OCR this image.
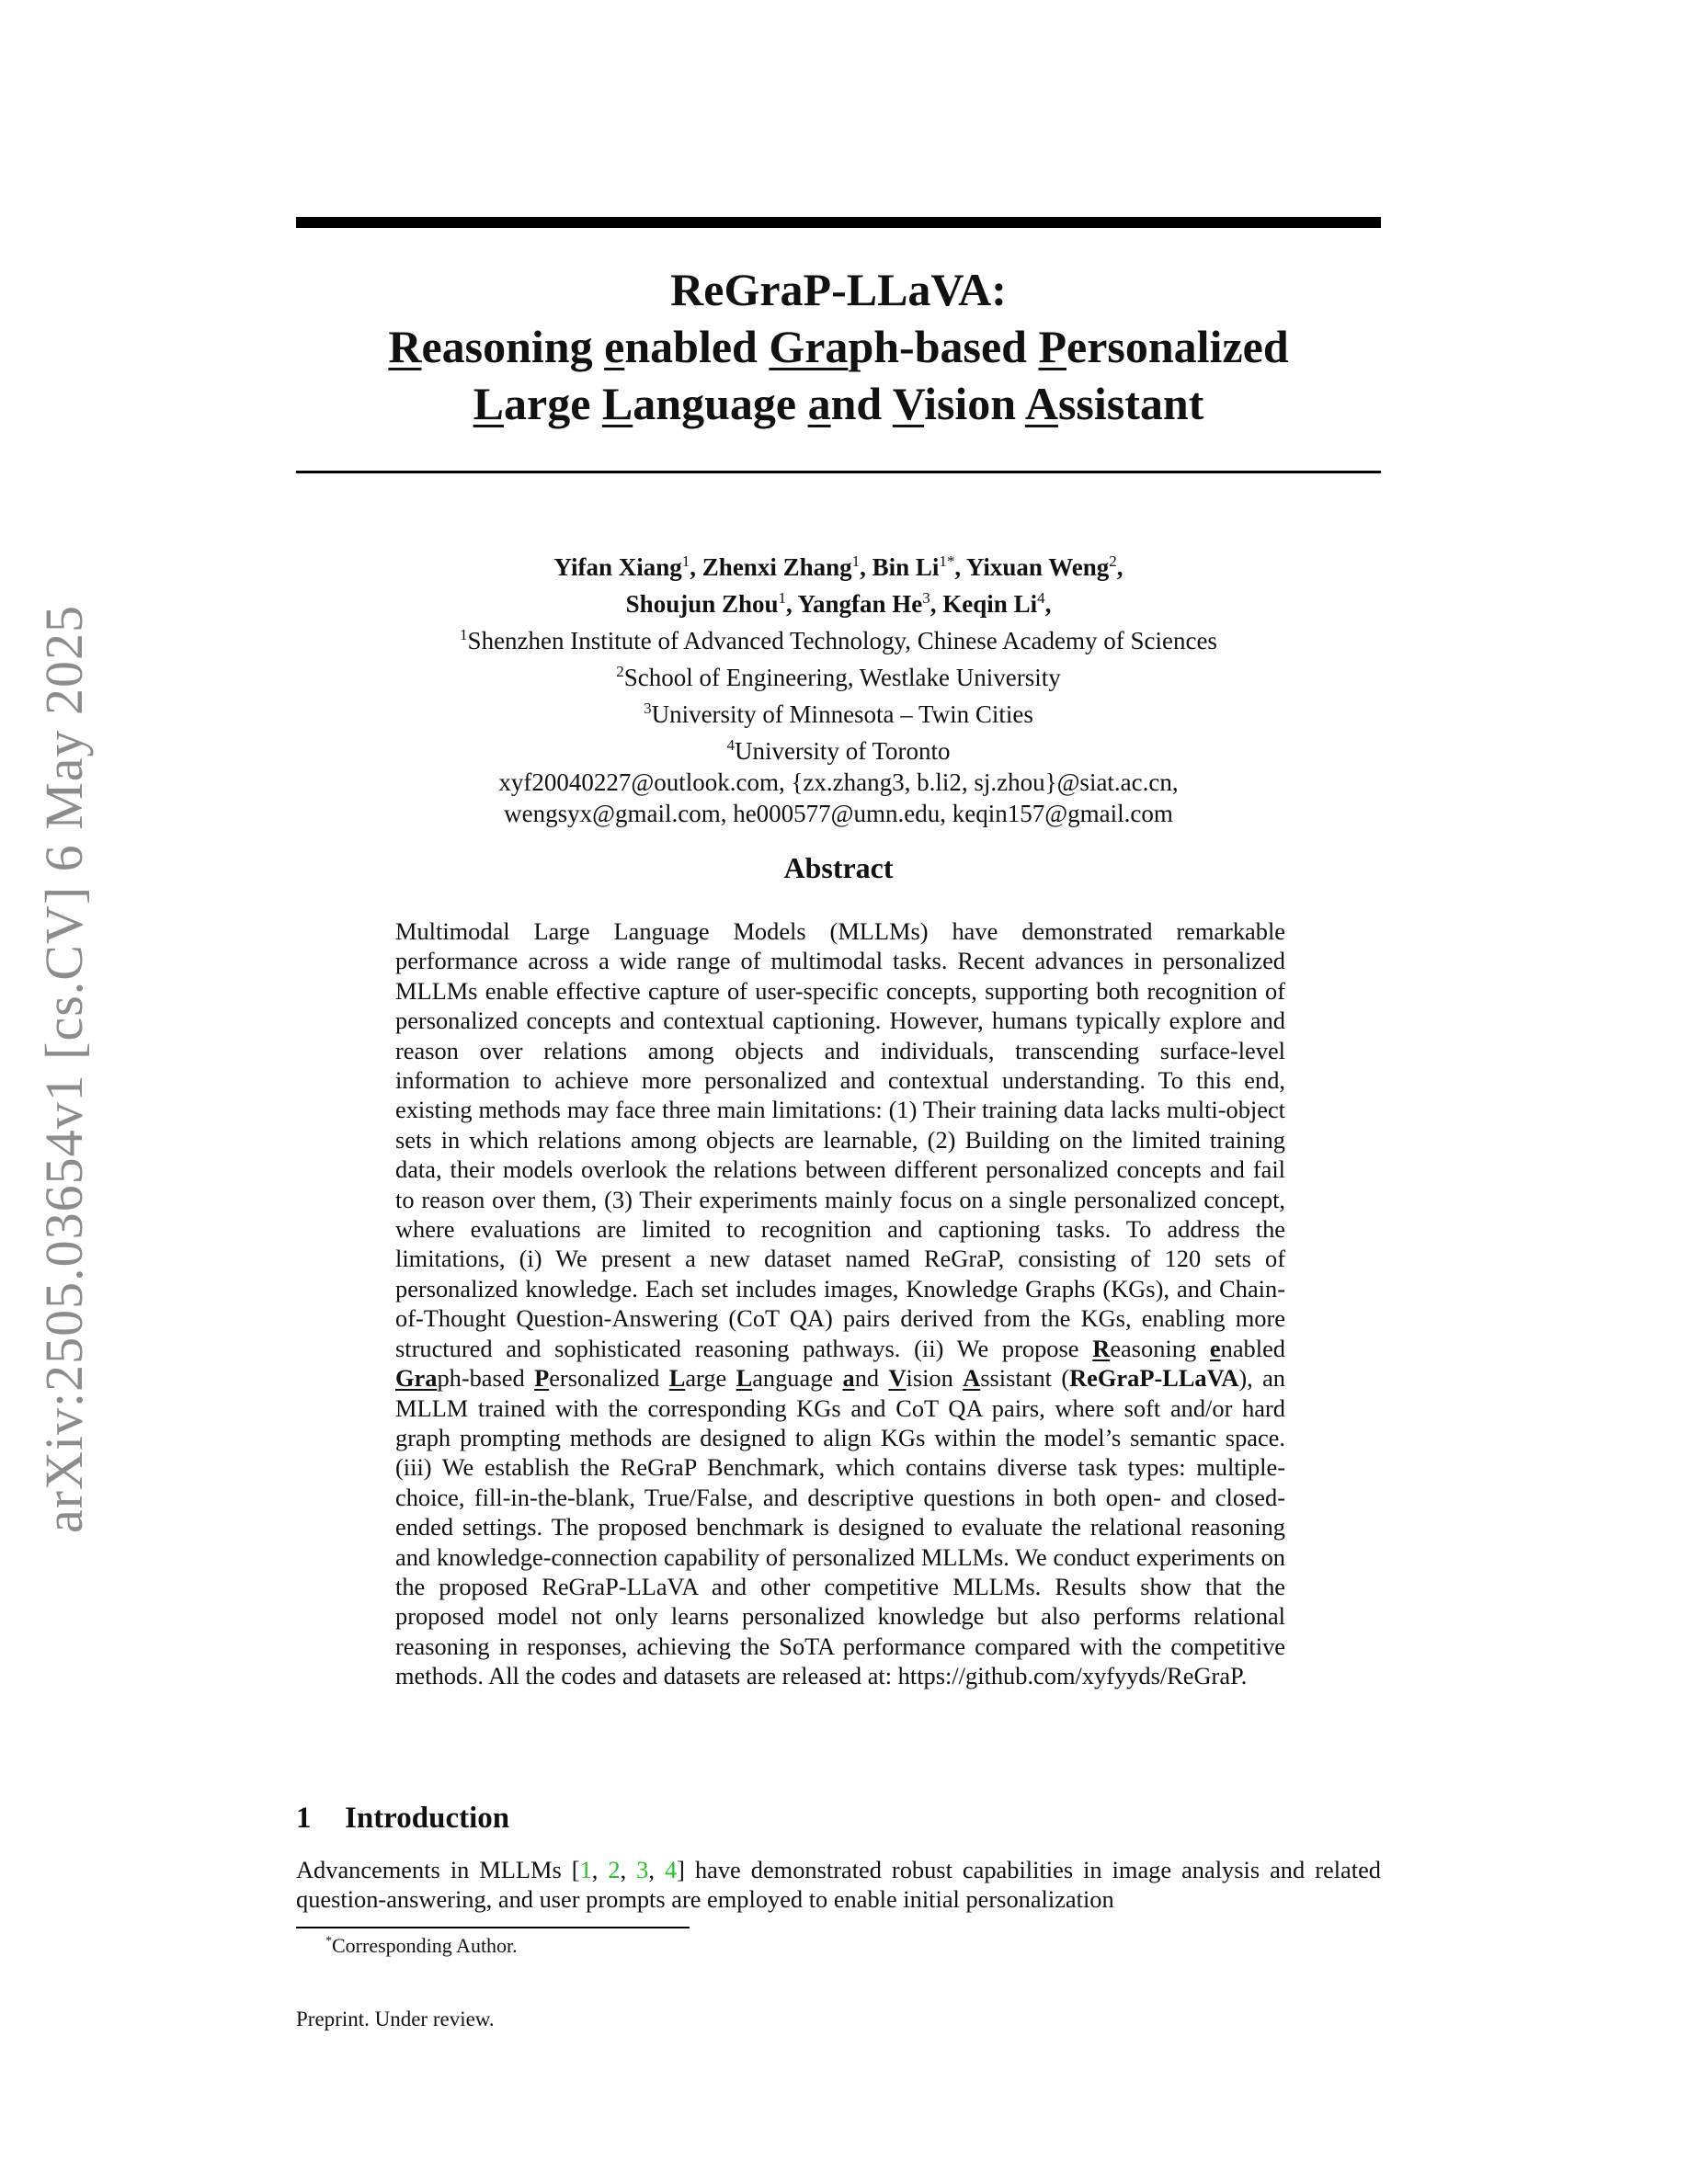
arXiv:2505.03654v1 [cs.CV] 6 May 2025
ReGraP-LLaVA:
Reasoning enabled Graph-based Personalized
Large Language and Vision Assistant
Yifan Xiang$^1$, Zhenxi Zhang$^1$, Bin $Li^{1*}$, Yixuan Weng$^2$,
Shoujun Zhou$^1$, Yangfan He$^3$, Keqin Li$^4$,
$^1$Shenzhen Institute of Advanced Technology, Chinese Academy of Sciences
$^2$School of Engineering, Westlake University
$^3$University of Minnesota – Twin Cities
$^4$University of Toronto
xyf20040227@outlook.com, {zx.zhang3, b.li2, sj.zhou}@siat.ac.cn,
wengsyx@gmail.com, he000577@umn.edu, keqin157@gmail.com
Abstract
Multimodal Large Language Models (MLLMs) have demonstrated remarkable performance across a wide range of multimodal tasks. Recent advances in personalized MLLMs enable effective capture of user-specific concepts, supporting both recognition of personalized concepts and contextual captioning. However, humans typically explore and reason over relations among objects and individuals, transcending surface-level information to achieve more personalized and contextual understanding. To this end, existing methods may face three main limitations: (1) Their training data lacks multi-object sets in which relations among objects are learnable, (2) Building on the limited training data, their models overlook the relations between different personalized concepts and fail to reason over them, (3) Their experiments mainly focus on a single personalized concept, where evaluations are limited to recognition and captioning tasks. To address the limitations, (i) We present a new dataset named ReGraP, consisting of 120 sets of personalized knowledge. Each set includes images, Knowledge Graphs (KGs), and Chain-of-Thought Question-Answering (CoT QA) pairs derived from the KGs, enabling more structured and sophisticated reasoning pathways. (ii) We propose Reasoning enabled Graph-based Personalized Large Language and Vision Assistant (ReGraP-LLaVA), an MLLM trained with the corresponding KGs and CoT QA pairs, where soft and/or hard graph prompting methods are designed to align KGs within the model’s semantic space. (iii) We establish the ReGraP Benchmark, which contains diverse task types: multiple-choice, fill-in-the-blank, True/False, and descriptive questions in both open- and closed-ended settings. The proposed benchmark is designed to evaluate the relational reasoning and knowledge-connection capability of personalized MLLMs. We conduct experiments on the proposed ReGraP-LLaVA and other competitive MLLMs. Results show that the proposed model not only learns personalized knowledge but also performs relational reasoning in responses, achieving the SoTA performance compared with the competitive methods. All the codes and datasets are released at: https://github.com/xyfyyds/ReGraP.
1 Introduction
Advancements in MLLMs [1, 2, 3, 4] have demonstrated robust capabilities in image analysis and related question-answering, and user prompts are employed to enable initial personalization
*Corresponding Author.
Preprint. Under review.
